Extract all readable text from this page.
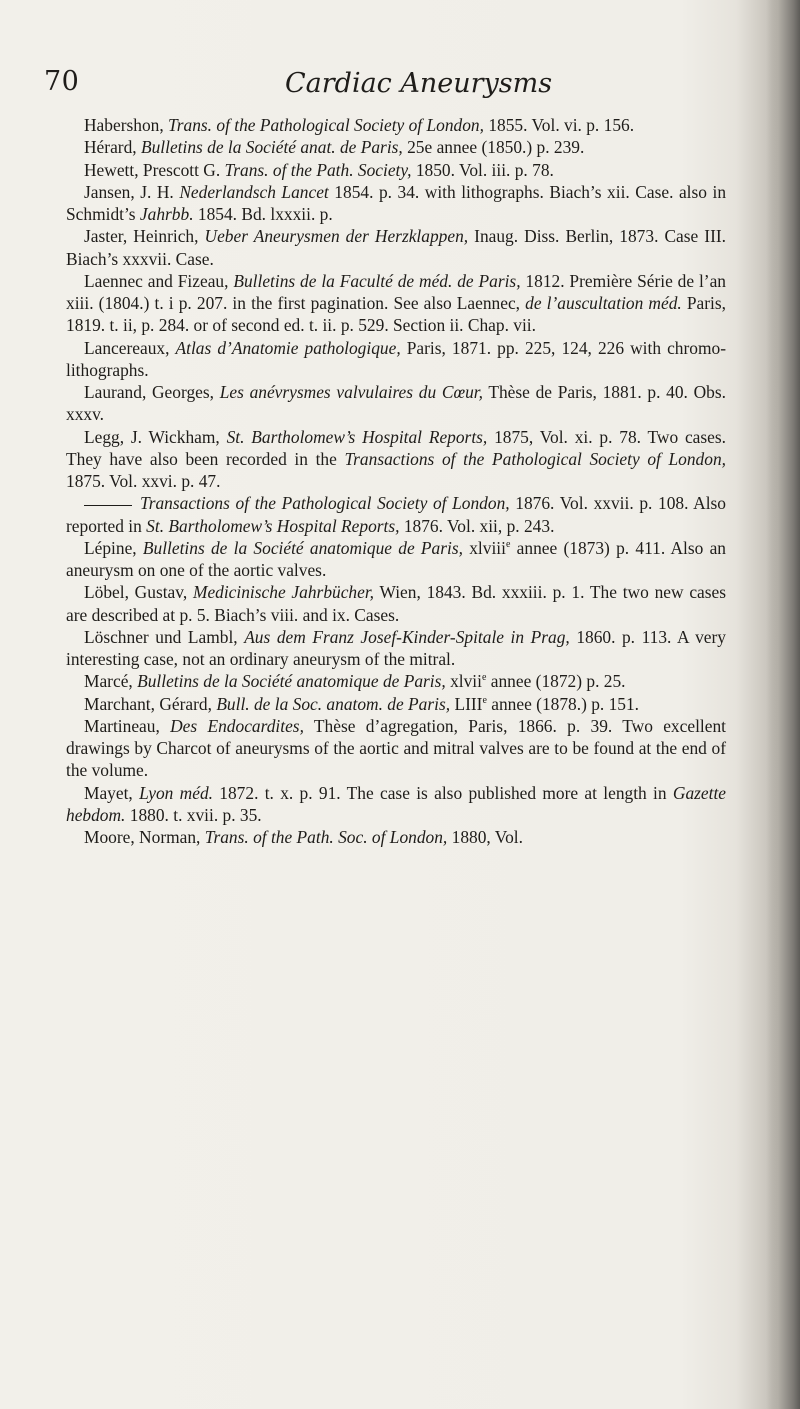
70	Cardiac Aneurysms

Habershon, Trans. of the Pathological Society of London, 1855. Vol. vi. p. 156.

Hérard, Bulletins de la Société anat. de Paris, 25e annee (1850.) p. 239.

Hewett, Prescott G. Trans. of the Path. Society, 1850. Vol. iii. p. 78.

Jansen, J. H. Nederlandsch Lancet 1854. p. 34. with lithographs. Biach’s xii. Case. also in Schmidt’s Jahrbb. 1854. Bd. lxxxii. p.

Jaster, Heinrich, Ueber Aneurysmen der Herzklappen, Inaug. Diss. Berlin, 1873. Case III. Biach’s xxxvii. Case.

Laennec and Fizeau, Bulletins de la Faculté de méd. de Paris, 1812. Première Série de l’an xiii. (1804.) t. i p. 207. in the first pagination. See also Laennec, de l’auscultation méd. Paris, 1819. t. ii, p. 284. or of second ed. t. ii. p. 529. Section ii. Chap. vii.

Lancereaux, Atlas d’Anatomie pathologique, Paris, 1871. pp. 225, 124, 226 with chromo-lithographs.

Laurand, Georges, Les anévrysmes valvulaires du Cœur, Thèse de Paris, 1881. p. 40. Obs. xxxv.

Legg, J. Wickham, St. Bartholomew’s Hospital Reports, 1875, Vol. xi. p. 78. Two cases. They have also been recorded in the Transactions of the Pathological Society of London, 1875. Vol. xxvi. p. 47.

Transactions of the Pathological Society of London, 1876. Vol. xxvii. p. 108. Also reported in St. Bartholomew’s Hospital Reports, 1876. Vol. xii, p. 243.

Lépine, Bulletins de la Société anatomique de Paris, xlviii$^e$ annee (1873) p. 411. Also an aneurysm on one of the aortic valves.

Löbel, Gustav, Medicinische Jahrbücher, Wien, 1843. Bd. xxxiii. p. 1. The two new cases are described at p. 5. Biach’s viii. and ix. Cases.

Löschner und Lambl, Aus dem Franz Josef-Kinder-Spitale in Prag, 1860. p. 113. A very interesting case, not an ordinary aneurysm of the mitral.

Marcé, Bulletins de la Société anatomique de Paris, xlvii$^e$ annee (1872) p. 25.

Marchant, Gérard, Bull. de la Soc. anatom. de Paris, LIIIe annee (1878.) p. 151.

Martineau, Des Endocardites, Thèse d’agregation, Paris, 1866. p. 39. Two excellent drawings by Charcot of aneurysms of the aortic and mitral valves are to be found at the end of the volume.

Mayet, Lyon méd. 1872. t. x. p. 91. The case is also published more at length in Gazette hebdom. 1880. t. xvii. p. 35.

Moore, Norman, Trans. of the Path. Soc. of London, 1880, Vol.
